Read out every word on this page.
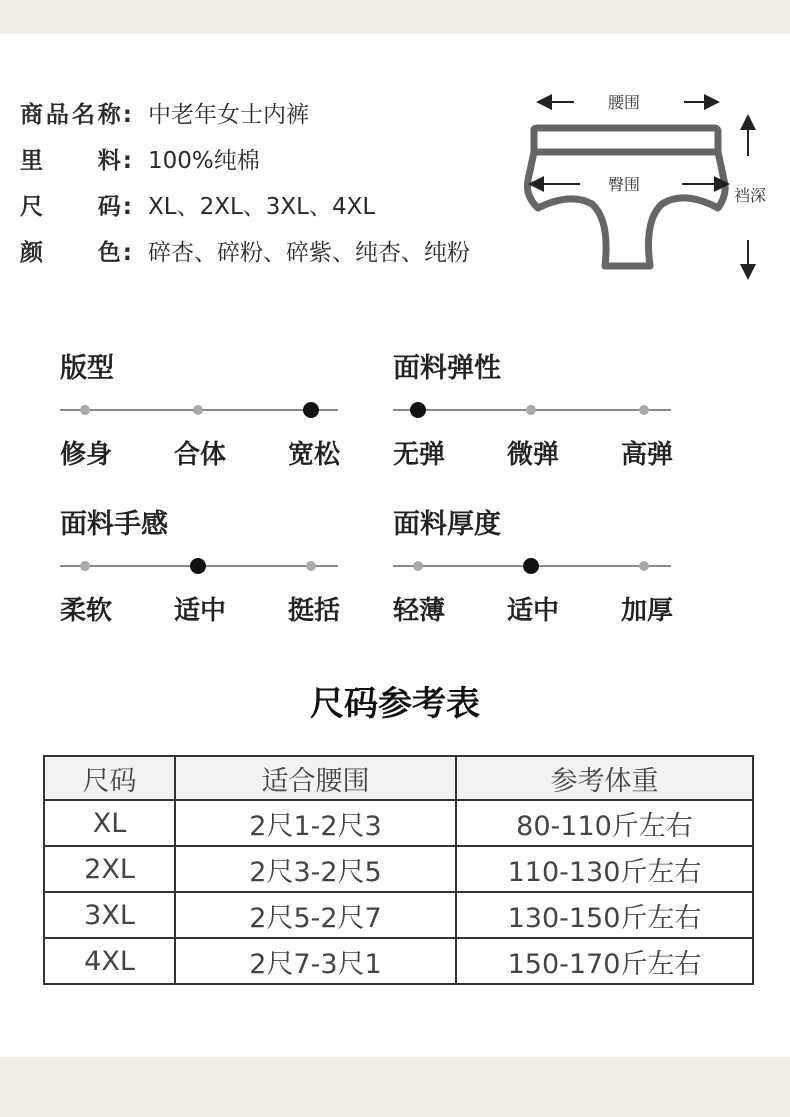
商 品 名 称: 中老年女士内裤
里 料: 100%纯棉
尺 码: XL、2XL、3XL、4XL
颜 色: 碎杏、碎粉、碎紫、纯杏、纯粉
腰围
臀围
裆深
版型
修身 合体 宽松
面料弹性
无弹 微弹 高弹
面料手感
柔软 适中 挺括
面料厚度
轻薄 适中 加厚
尺码参考表
尺码	适合腰围	参考体重
XL	2尺1-2尺3	80-110斤左右
2XL	2尺3-2尺5	110-130斤左右
3XL	2尺5-2尺7	130-150斤左右
4XL	2尺7-3尺1	150-170斤左右
